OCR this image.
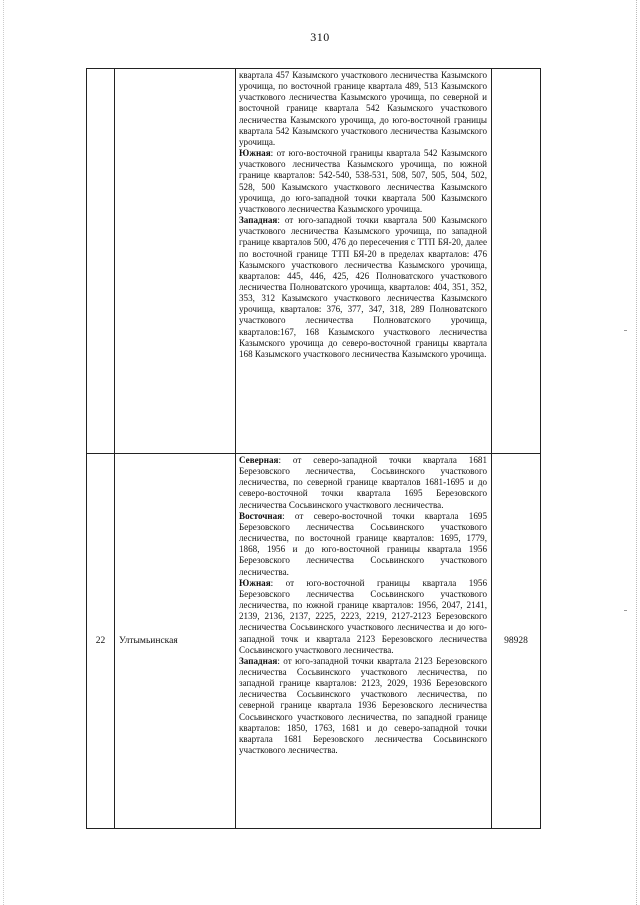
310

		квартала 457 Казымского участкового лесничества Казымского урочища, по восточной границе квартала 489, 513 Казымского участкового лесничества Казымского урочища, по северной и восточной границе квартала 542 Казымского участкового лесничества Казымского урочища, до юго-восточной границы квартала 542 Казымского участкового лесничества Казымского урочища.

Южная: от юго-восточной границы квартала 542 Казымского участкового лесничества Казымского урочища, по южной границе кварталов: 542-540, 538-531, 508, 507, 505, 504, 502, 528, 500 Казымского участкового лесничества Казымского урочища, до юго-западной точки квартала 500 Казымского участкового лесничества Казымского урочища.

Западная: от юго-западной точки квартала 500 Казымского участкового лесничества Казымского урочища, по западной границе кварталов 500, 476 до пересечения с ТТП БЯ-20, далее по восточной границе ТТП БЯ-20 в пределах кварталов: 476 Казымского участкового лесничества Казымского урочища, кварталов: 445, 446, 425, 426 Полноватского участкового лесничества Полноватского урочища, кварталов: 404, 351, 352, 353, 312 Казымского участкового лесничества Казымского урочища, кварталов: 376, 377, 347, 318, 289 Полноватского участкового лесничества Полноватского урочища, кварталов:167, 168 Казымского участкового лесничества Казымского урочища до северо-восточной границы квартала 168 Казымского участкового лесничества Казымского урочища.	

22	Ултымьинская	Северная: от северо-западной точки квартала 1681 Березовского лесничества, Сосьвинского участкового лесничества, по северной границе кварталов 1681-1695 и до северо-восточной точки квартала 1695 Березовского лесничества Сосьвинского участкового лесничества.

Восточная: от северо-восточной точки квартала 1695 Березовского лесничества Сосьвинского участкового лесничества, по восточной границе кварталов: 1695, 1779, 1868, 1956 и до юго-восточной границы квартала 1956 Березовского лесничества Сосьвинского участкового лесничества.

Южная: от юго-восточной границы квартала 1956 Березовского лесничества Сосьвинского участкового лесничества, по южной границе кварталов: 1956, 2047, 2141, 2139, 2136, 2137, 2225, 2223, 2219, 2127-2123 Березовского лесничества Сосьвинского участкового лесничества и до юго-западной точк и квартала 2123 Березовского лесничества Сосьвинского участкового лесничества.

Западная: от юго-западной точки квартала 2123 Березовского лесничества Сосьвинского участкового лесничества, по западной границе кварталов: 2123, 2029, 1936 Березовского лесничества Сосьвинского участкового лесничества, по северной границе квартала 1936 Березовского лесничества Сосьвинского участкового лесничества, по западной границе кварталов: 1850, 1763, 1681 и до северо-западной точки квартала 1681 Березовского лесничества Сосьвинского участкового лесничества.	98928
